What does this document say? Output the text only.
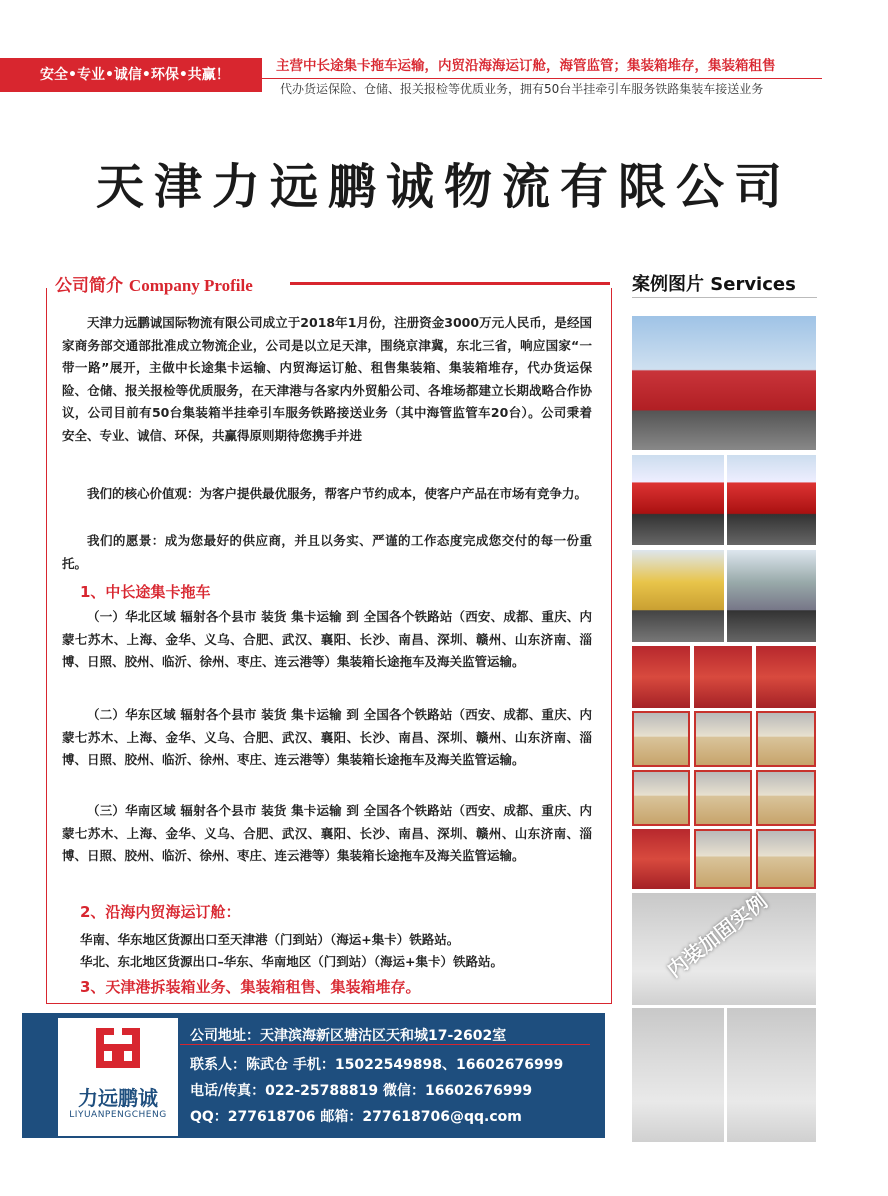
安全•专业•诚信•环保•共赢！
主营中长途集卡拖车运输，内贸沿海海运订舱，海管监管；集装箱堆存，集装箱租售
代办货运保险、仓储、报关报检等优质业务，拥有50台半挂牵引车服务铁路集装车接送业务
天津力远鹏诚物流有限公司
公司简介 Company Profile	案例图片 Services

天津力远鹏诚国际物流有限公司成立于2018年1月份，注册资金3000万元人民币，是经国家商务部交通部批准成立物流企业，公司是以立足天津，围绕京津冀，东北三省，响应国家“一带一路”展开，主做中长途集卡运输、内贸海运订舱、租售集装箱、集装箱堆存，代办货运保险、仓储、报关报检等优质服务，在天津港与各家内外贸船公司、各堆场都建立长期战略合作协议，公司目前有50台集装箱半挂牵引车服务铁路接送业务（其中海管监管车20台）。公司秉着 安全、专业、诚信、环保，共赢得原则期待您携手并进

我们的核心价值观：为客户提供最优服务，帮客户节约成本，使客户产品在市场有竞争力。

我们的愿景：成为您最好的供应商，并且以务实、严谨的工作态度完成您交付的每一份重托。

1、中长途集卡拖车

（一）华北区域 辐射各个县市 装货 集卡运输 到 全国各个铁路站（西安、成都、重庆、内蒙七苏木、上海、金华、义乌、合肥、武汉、襄阳、长沙、南昌、深圳、赣州、山东济南、淄博、日照、胶州、临沂、徐州、枣庄、连云港等）集装箱长途拖车及海关监管运输。

（二）华东区域 辐射各个县市 装货 集卡运输 到 全国各个铁路站（西安、成都、重庆、内蒙七苏木、上海、金华、义乌、合肥、武汉、襄阳、长沙、南昌、深圳、赣州、山东济南、淄博、日照、胶州、临沂、徐州、枣庄、连云港等）集装箱长途拖车及海关监管运输。

（三）华南区域 辐射各个县市 装货 集卡运输 到 全国各个铁路站（西安、成都、重庆、内蒙七苏木、上海、金华、义乌、合肥、武汉、襄阳、长沙、南昌、深圳、赣州、山东济南、淄博、日照、胶州、临沂、徐州、枣庄、连云港等）集装箱长途拖车及海关监管运输。

2、沿海内贸海运订舱：
华南、华东地区货源出口至天津港（门到站）（海运+集卡）铁路站。
华北、东北地区货源出口–华东、华南地区（门到站）（海运+集卡）铁路站。
3、天津港拆装箱业务、集装箱租售、集装箱堆存。
内装加固实例
力远鹏诚
LIYUANPENGCHENG
公司地址：天津滨海新区塘沽区天和城17-2602室
联系人：陈武仓 手机：15022549898、16602676999
电话/传真：022-25788819 微信：16602676999
QQ：277618706 邮箱：277618706@qq.com
